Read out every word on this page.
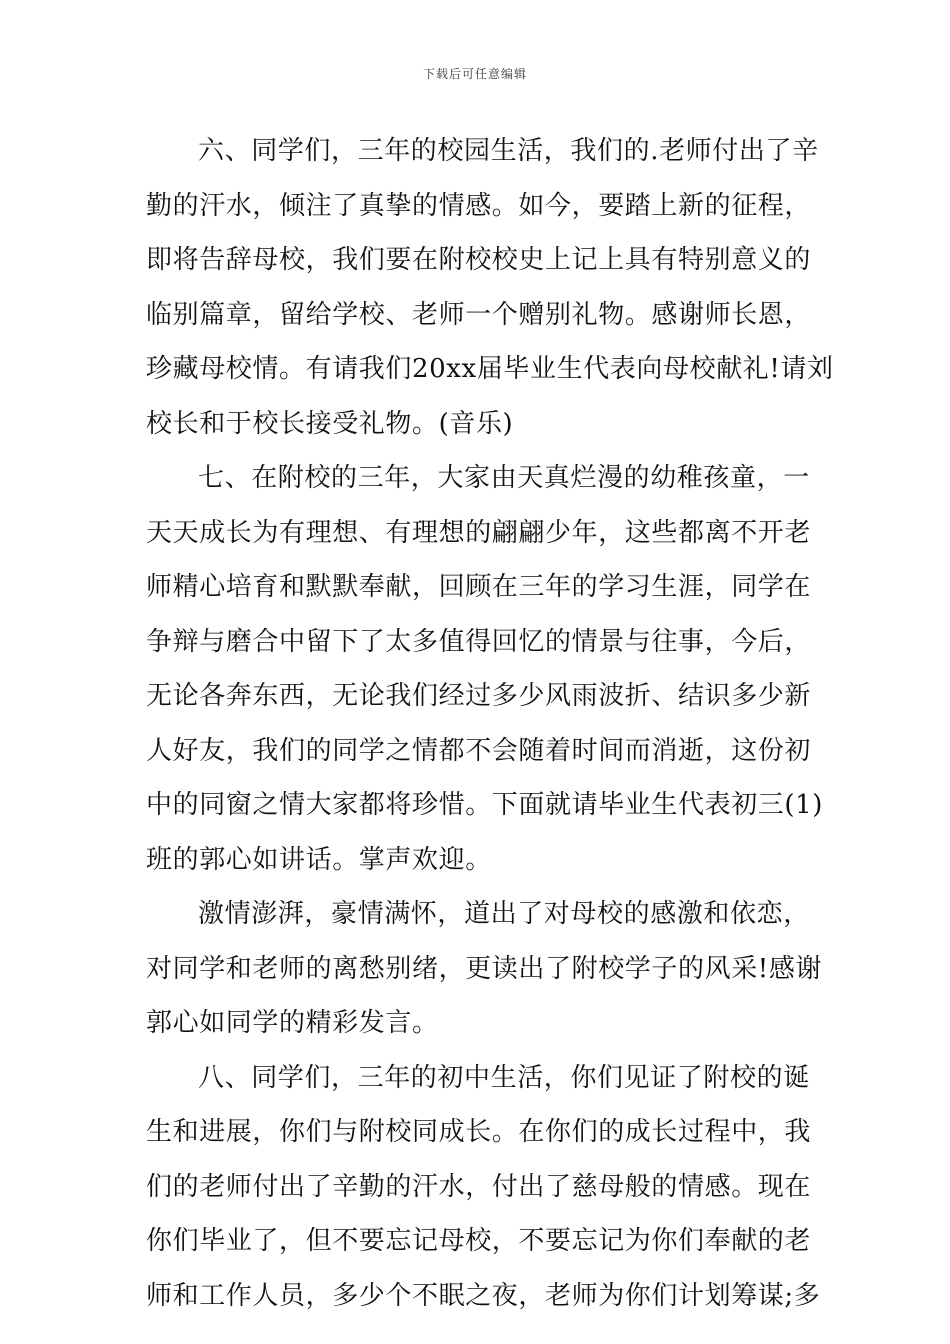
下载后可任意编辑
六、同学们，三年的校园生活，我们的.老师付出了辛
勤的汗水，倾注了真挚的情感。如今，要踏上新的征程，
即将告辞母校，我们要在附校校史上记上具有特别意义的
临别篇章，留给学校、老师一个赠别礼物。感谢师长恩，
珍藏母校情。有请我们20xx届毕业生代表向母校献礼!请刘
校长和于校长接受礼物。(音乐)
七、在附校的三年，大家由天真烂漫的幼稚孩童，一
天天成长为有理想、有理想的翩翩少年，这些都离不开老
师精心培育和默默奉献，回顾在三年的学习生涯，同学在
争辩与磨合中留下了太多值得回忆的情景与往事，今后，
无论各奔东西，无论我们经过多少风雨波折、结识多少新
人好友，我们的同学之情都不会随着时间而消逝，这份初
中的同窗之情大家都将珍惜。下面就请毕业生代表初三(1)
班的郭心如讲话。掌声欢迎。
激情澎湃，豪情满怀，道出了对母校的感激和依恋，
对同学和老师的离愁别绪，更读出了附校学子的风采!感谢
郭心如同学的精彩发言。
八、同学们，三年的初中生活，你们见证了附校的诞
生和进展，你们与附校同成长。在你们的成长过程中，我
们的老师付出了辛勤的汗水，付出了慈母般的情感。现在
你们毕业了，但不要忘记母校，不要忘记为你们奉献的老
师和工作人员，多少个不眠之夜，老师为你们计划筹谋;多
